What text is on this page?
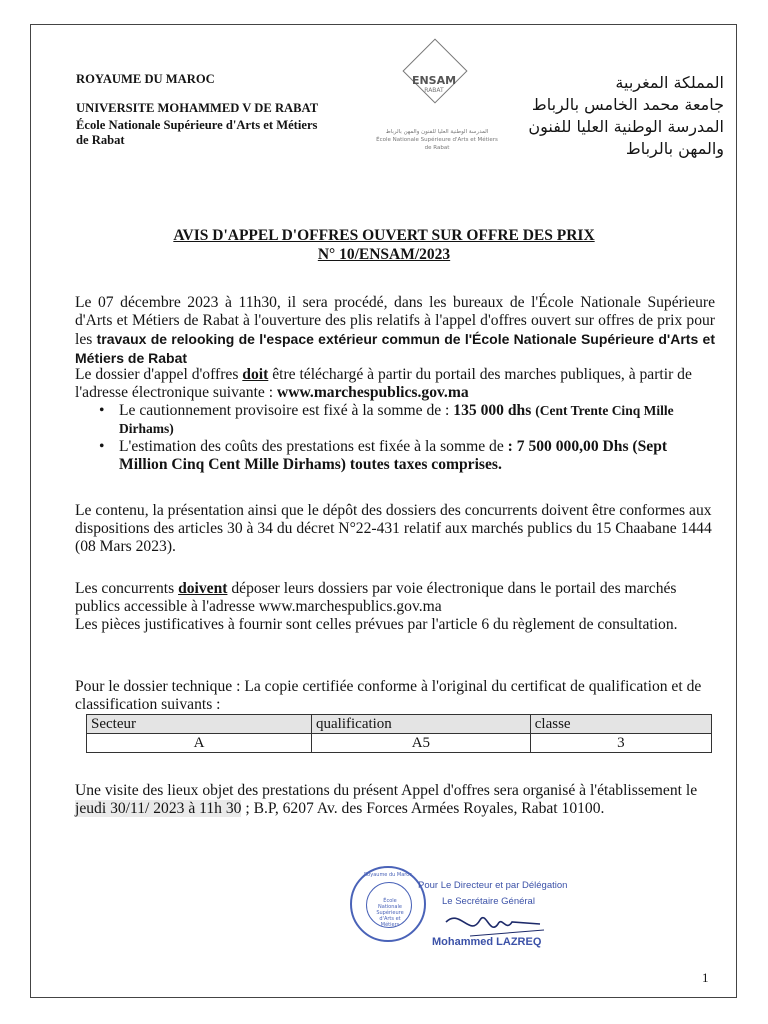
ROYAUME DU MAROC
UNIVERSITE MOHAMMED V DE RABAT
École Nationale Supérieure d'Arts et Métiers de Rabat
ENSAM
RABAT
المدرسة الوطنية العليا للفنون والمهن بالرباط
École Nationale Supérieure d'Arts et Métiers de Rabat
المملكة المغربية
جامعة محمد الخامس بالرباط
المدرسة الوطنية العليا للفنون
والمهن بالرباط
AVIS D'APPEL D'OFFRES OUVERT SUR OFFRE DES PRIX
N° 10/ENSAM/2023
Le 07 décembre 2023 à 11h30, il sera procédé, dans les bureaux de l'École Nationale Supérieure d'Arts et Métiers de Rabat à l'ouverture des plis relatifs à l'appel d'offres ouvert sur offres de prix pour les travaux de relooking de l'espace extérieur commun de l'École Nationale Supérieure d'Arts et Métiers de Rabat
Le dossier d'appel d'offres doit être téléchargé à partir du portail des marches publiques, à partir de l'adresse électronique suivante : www.marchespublics.gov.ma
• Le cautionnement provisoire est fixé à la somme de : 135 000 dhs (Cent Trente Cinq Mille Dirhams)
• L'estimation des coûts des prestations est fixée à la somme de : 7 500 000,00 Dhs (Sept Million Cinq Cent Mille Dirhams) toutes taxes comprises.
Le contenu, la présentation ainsi que le dépôt des dossiers des concurrents doivent être conformes aux dispositions des articles 30 à 34 du décret N°22-431 relatif aux marchés publics du 15 Chaabane 1444 (08 Mars 2023).
Les concurrents doivent déposer leurs dossiers par voie électronique dans le portail des marchés publics accessible à l'adresse www.marchespublics.gov.ma
Les pièces justificatives à fournir sont celles prévues par l'article 6 du règlement de consultation.
Pour le dossier technique : La copie certifiée conforme à l'original du certificat de qualification et de classification suivants :
Secteur	qualification	classe
A	A5	3
Une visite des lieux objet des prestations du présent Appel d'offres sera organisé à l'établissement le jeudi 30/11/ 2023 à 11h 30 ; B.P, 6207 Av. des Forces Armées Royales, Rabat 10100.
École Nationale Supérieure d'Arts et Métiers
Royaume du Maroc
Pour Le Directeur et par Délégation
Le Secrétaire Général
Mohammed LAZREQ
1
